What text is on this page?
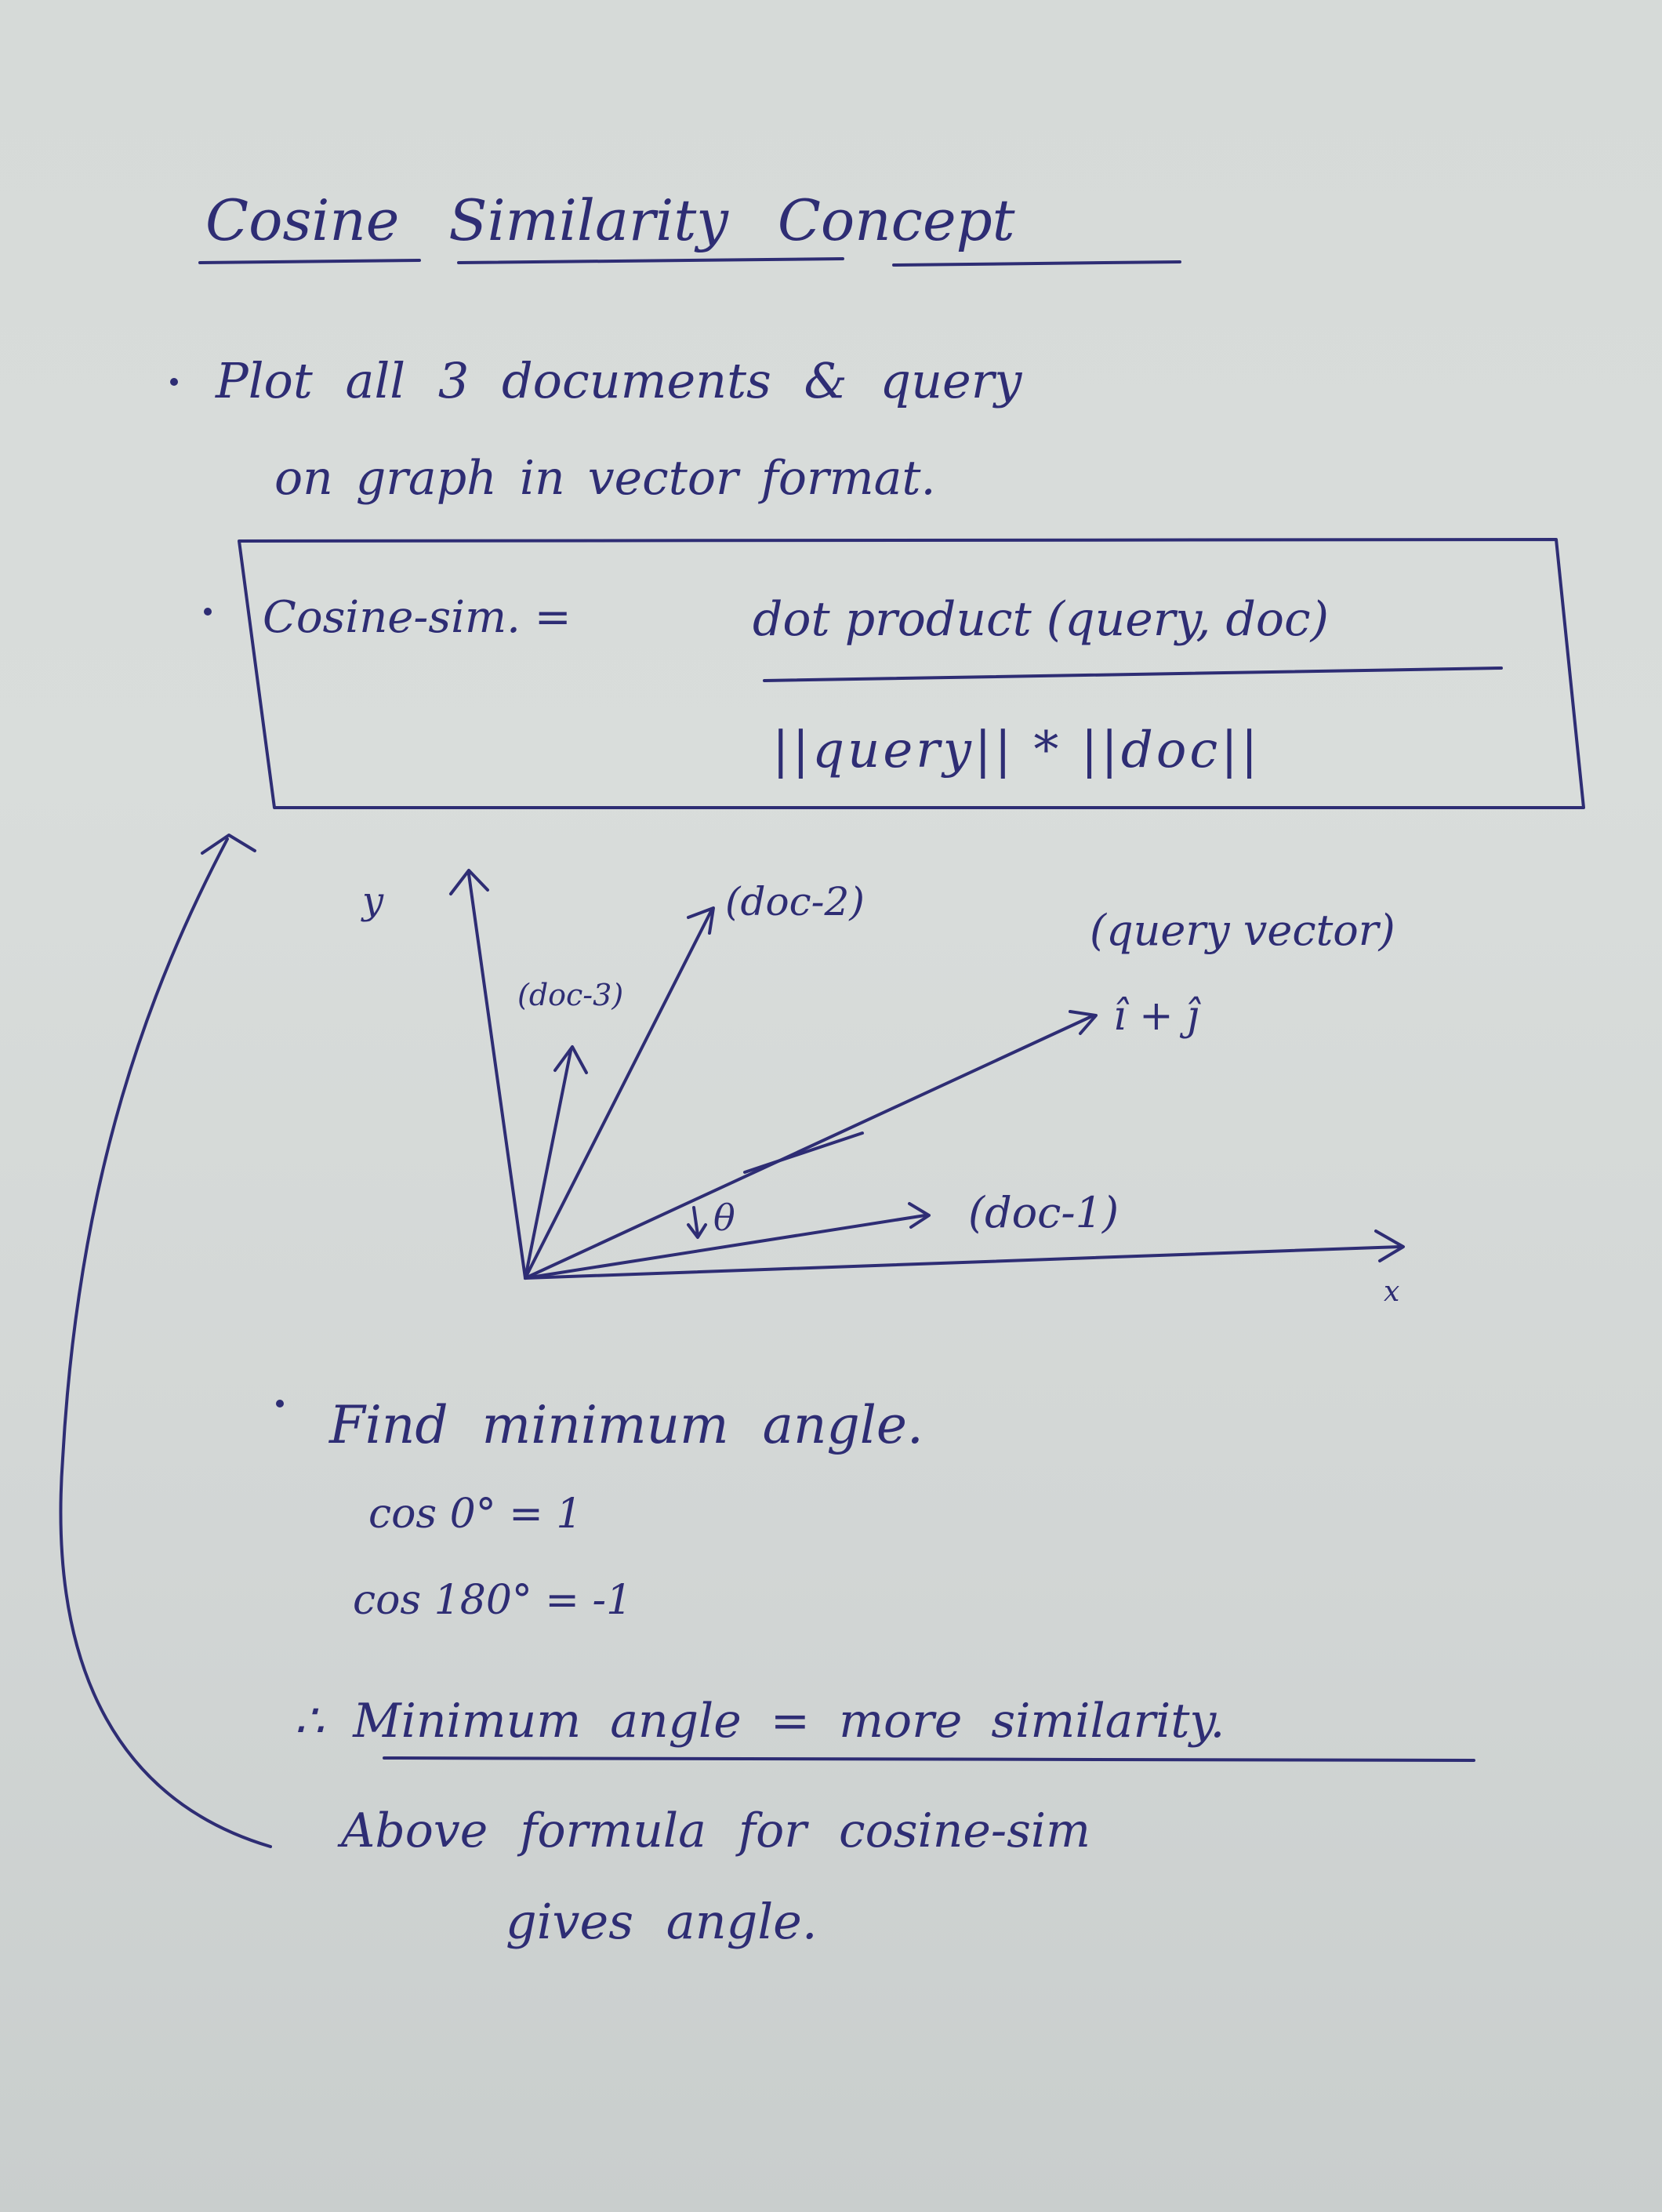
Cosine Similarity Concept
Plot all 3 documents & query
on graph in vector format.
Cosine-sim. =	dot product (query, doc)
||query|| * ||doc||
y	(doc-2)
(query vector)
î + ĵ
(doc-3)
θ	(doc-1)
x
Find minimum angle.
cos 0° = 1
cos 180° = -1
∴ Minimum angle = more similarity.
Above formula for cosine-sim
gives angle.
